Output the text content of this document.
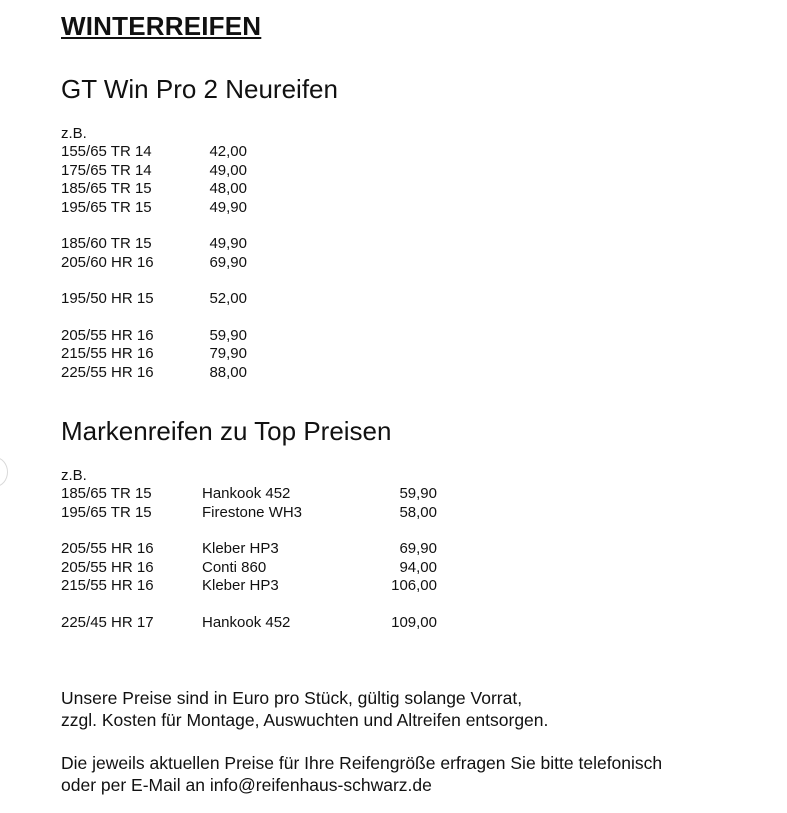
WINTERREIFEN
GT Win Pro 2 Neureifen
z.B.
155/65 TR 14	42,00
175/65 TR 14	49,00
185/65 TR 15	48,00
195/65 TR 15	49,90
185/60 TR 15	49,90
205/60 HR 16	69,90
195/50 HR 15	52,00
205/55 HR 16	59,90
215/55 HR 16	79,90
225/55 HR 16	88,00
Markenreifen zu Top Preisen
z.B.
185/65 TR 15	Hankook 452	59,90
195/65 TR 15	Firestone WH3	58,00
205/55 HR 16	Kleber HP3	69,90
205/55 HR 16	Conti 860	94,00
215/55 HR 16	Kleber HP3	106,00
225/45 HR 17	Hankook 452	109,00
Unsere Preise sind in Euro pro Stück, gültig solange Vorrat,
zzgl. Kosten für Montage, Auswuchten und Altreifen entsorgen.
Die jeweils aktuellen Preise für Ihre Reifengröße erfragen Sie bitte telefonisch
oder per E-Mail an info@reifenhaus-schwarz.de
